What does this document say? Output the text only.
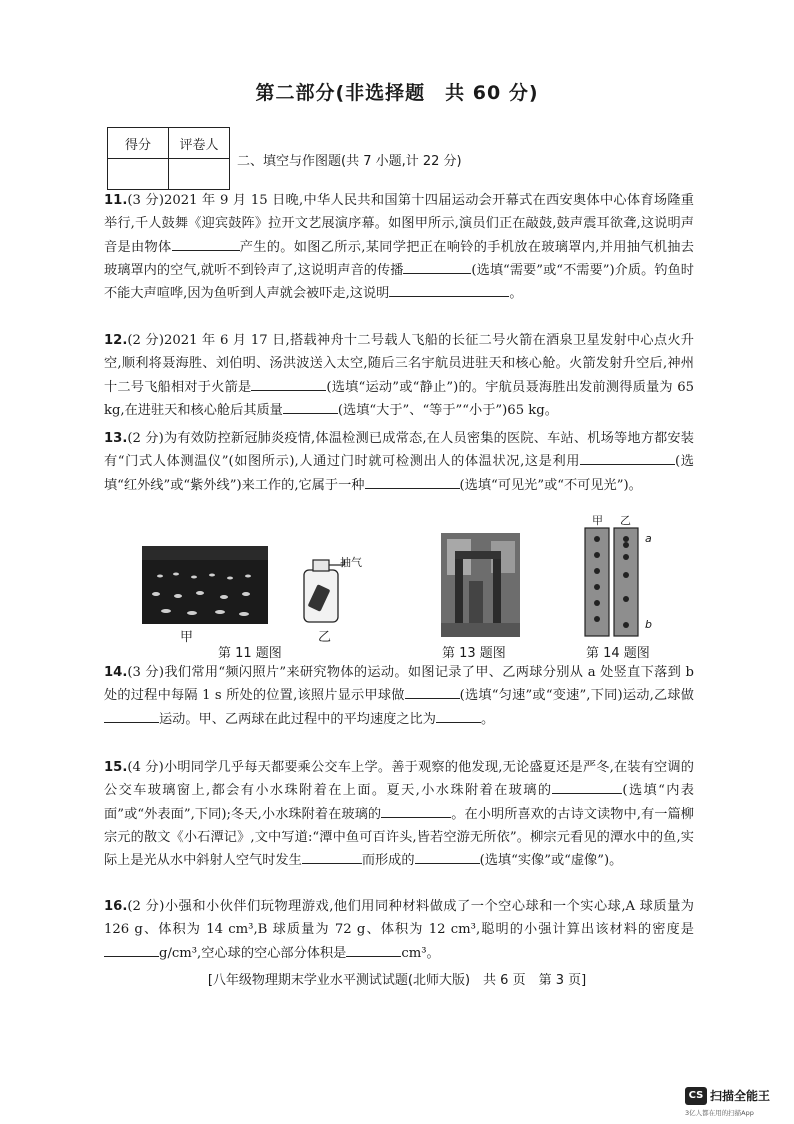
第二部分(非选择题　共 60 分)
得分	评卷人

二、填空与作图题(共 7 小题,计 22 分)
11.(3 分)2021 年 9 月 15 日晚,中华人民共和国第十四届运动会开幕式在西安奥体中心体育场隆重举行,千人鼓舞《迎宾鼓阵》拉开文艺展演序幕。如图甲所示,演员们正在敲鼓,鼓声震耳欲聋,这说明声音是由物体	产生的。如图乙所示,某同学把正在响铃的手机放在玻璃罩内,并用抽气机抽去玻璃罩内的空气,就听不到铃声了,这说明声音的传播	(选填“需要”或“不需要”)介质。钓鱼时不能大声喧哗,因为鱼听到人声就会被吓走,这说明	。
12.(2 分)2021 年 6 月 17 日,搭载神舟十二号载人飞船的长征二号火箭在酒泉卫星发射中心点火升空,顺利将聂海胜、刘伯明、汤洪波送入太空,随后三名宇航员进驻天和核心舱。火箭发射升空后,神州十二号飞船相对于火箭是	(选填“运动”或“静止”)的。宇航员聂海胜出发前测得质量为 65 kg,在进驻天和核心舱后其质量	(选填“大于”、“等于”“小于”)65 kg。
13.(2 分)为有效防控新冠肺炎疫情,体温检测已成常态,在人员密集的医院、车站、机场等地方都安装有“门式人体测温仪”(如图所示),人通过门时就可检测出人的体温状况,这是利用	(选填“红外线”或“紫外线”)来工作的,它属于一种	(选填“可见光”或“不可见光”)。
甲
抽气
乙
第 11 题图	第 13 题图
甲 乙
a
b
第 14 题图
14.(3 分)我们常用“频闪照片”来研究物体的运动。如图记录了甲、乙两球分别从 a 处竖直下落到 b 处的过程中每隔 1 s 所处的位置,该照片显示甲球做	(选填“匀速”或“变速”,下同)运动,乙球做运动。甲、乙两球在此过程中的平均速度之比为	。
15.(4 分)小明同学几乎每天都要乘公交车上学。善于观察的他发现,无论盛夏还是严冬,在装有空调的公交车玻璃窗上,都会有小水珠附着在上面。夏天,小水珠附着在玻璃的	(选填“内表面”或“外表面”,下同);冬天,小水珠附着在玻璃的	。在小明所喜欢的古诗文读物中,有一篇柳宗元的散文《小石潭记》,文中写道:“潭中鱼可百许头,皆若空游无所依”。柳宗元看见的潭水中的鱼,实际上是光从水中斜射人空气时发生	而形成的	(选填“实像”或“虚像”)。
16.(2 分)小强和小伙伴们玩物理游戏,他们用同种材料做成了一个空心球和一个实心球,A 球质量为 126 g、体积为 14 cm³,B 球质量为 72 g、体积为 12 cm³,聪明的小强计算出该材料的密度是g/cm³,空心球的空心部分体积是	cm³。
[八年级物理期末学业水平测试试题(北师大版)　共 6 页　第 3 页]
CS 扫描全能王
3亿人都在用的扫描App
